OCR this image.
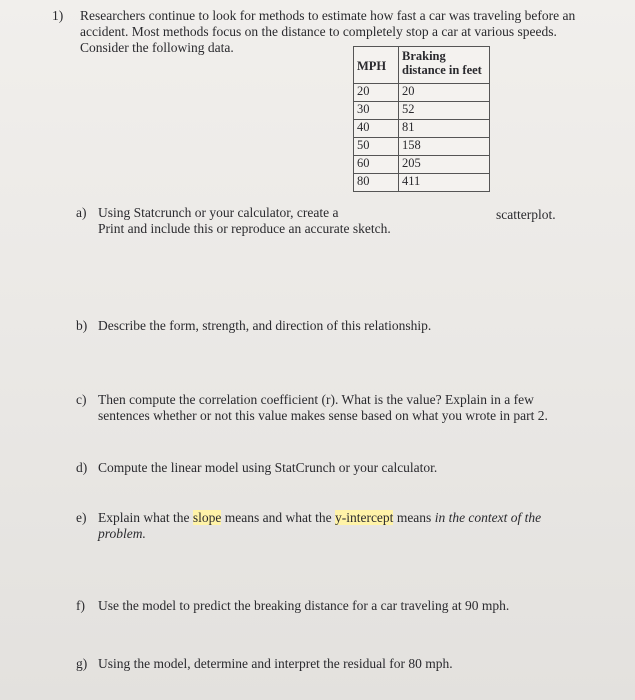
1) Researchers continue to look for methods to estimate how fast a car was traveling before an
accident. Most methods focus on the distance to completely stop a car at various speeds.
Consider the following data.
MPH	Braking distance in feet
20	20
30	52
40	81
50	158
60	205
80	411
a) Using Statcrunch or your calculator, create a
Print and include this or reproduce an accurate sketch.
scatterplot.
b) Describe the form, strength, and direction of this relationship.
c) Then compute the correlation coefficient (r). What is the value? Explain in a few
sentences whether or not this value makes sense based on what you wrote in part 2.
d) Compute the linear model using StatCrunch or your calculator.
e) Explain what the slope means and what the y-intercept means in the context of the
problem.
f) Use the model to predict the breaking distance for a car traveling at 90 mph.
g) Using the model, determine and interpret the residual for 80 mph.
